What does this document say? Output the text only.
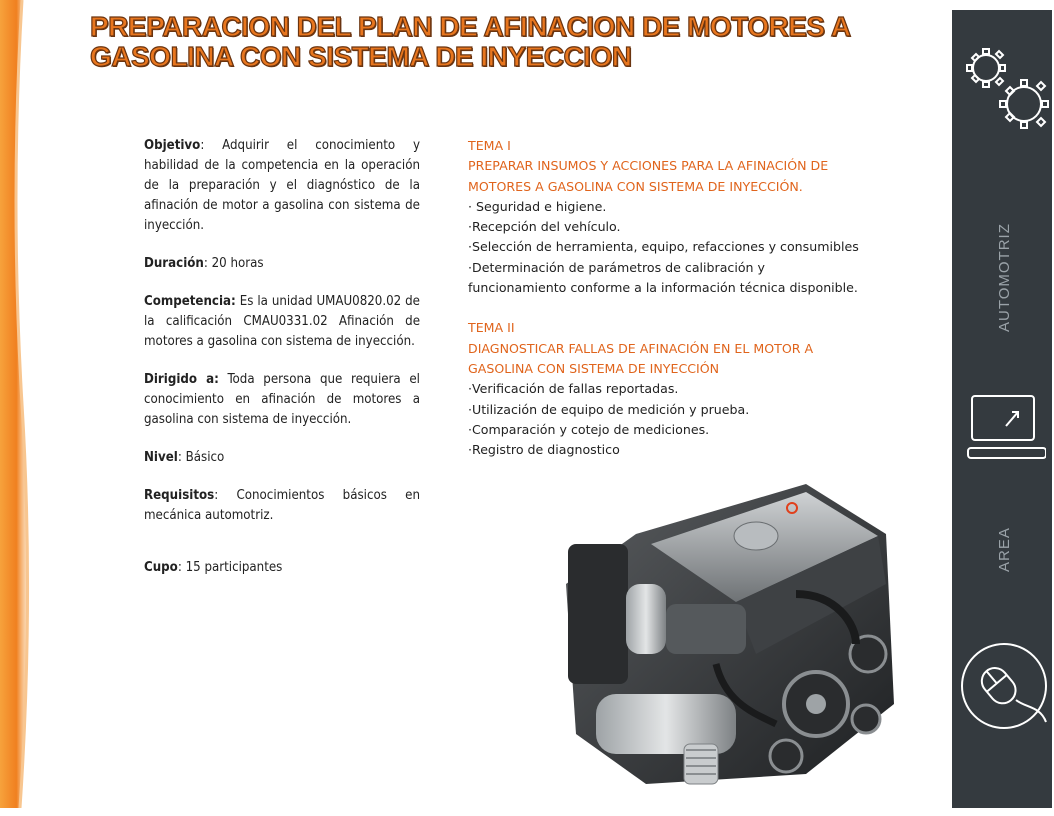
PREPARACION DEL PLAN DE AFINACION DE MOTORES A
GASOLINA CON SISTEMA DE INYECCION

Objetivo: Adquirir el conocimiento y habilidad de la competencia en la operación de la preparación y el diagnóstico de la afinación de motor a gasolina con sistema de inyección.

Duración: 20 horas

Competencia: Es la unidad UMAU0820.02 de la calificación CMAU0331.02 Afinación de motores a gasolina con sistema de inyección.

Dirigido a: Toda persona que requiera el conocimiento en afinación de motores a gasolina con sistema de inyección.

Nivel: Básico

Requisitos: Conocimientos básicos en mecánica automotriz.

Cupo: 15 participantes

TEMA I
PREPARAR INSUMOS Y ACCIONES PARA LA AFINACIÓN DE
MOTORES A GASOLINA CON SISTEMA DE INYECCIÓN.
· Seguridad e higiene.
·Recepción del vehículo.
·Selección de herramienta, equipo, refacciones y consumibles
·Determinación de parámetros de calibración y
funcionamiento conforme a la información técnica disponible.
TEMA II
DIAGNOSTICAR FALLAS DE AFINACIÓN EN EL MOTOR A
GASOLINA CON SISTEMA DE INYECCIÓN
·Verificación de fallas reportadas.
·Utilización de equipo de medición y prueba.
·Comparación y cotejo de mediciones.
·Registro de diagnostico
AUTOMOTRIZ
AREA
